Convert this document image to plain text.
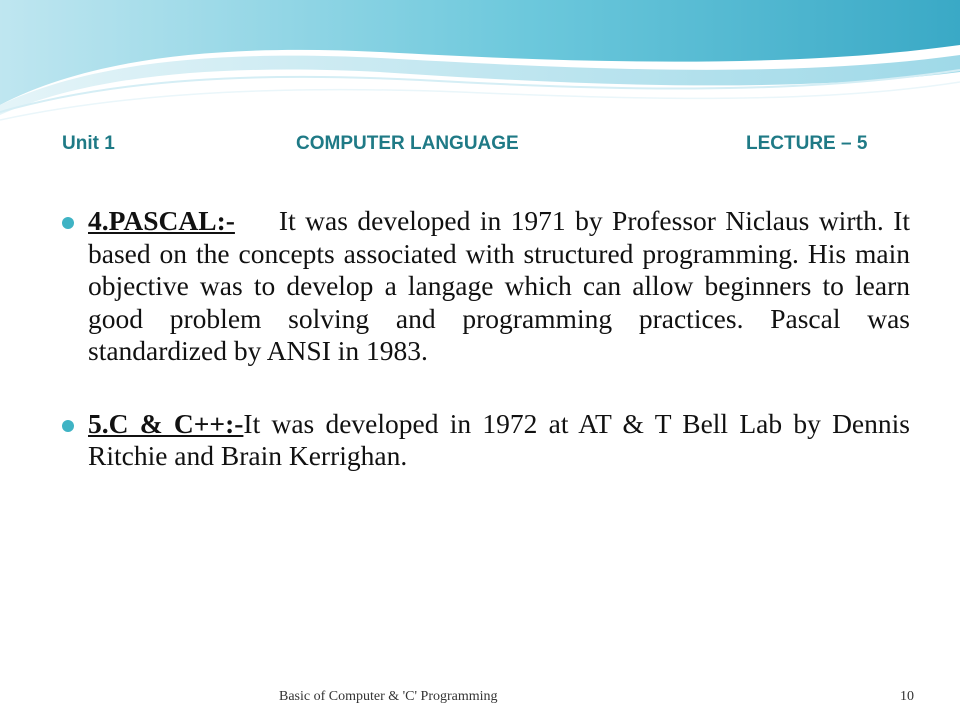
Unit 1	COMPUTER LANGUAGE	LECTURE – 5
4.PASCAL:- It was developed in 1971 by Professor Niclaus wirth. It based on the concepts associated with structured programming. His main objective was to develop a langage which can allow beginners to learn good problem solving and programming practices. Pascal was standardized by ANSI in 1983.
5.C & C++:-It was developed in 1972 at AT & T Bell Lab by Dennis Ritchie and Brain Kerrighan.
Basic of Computer & 'C' Programming	10
